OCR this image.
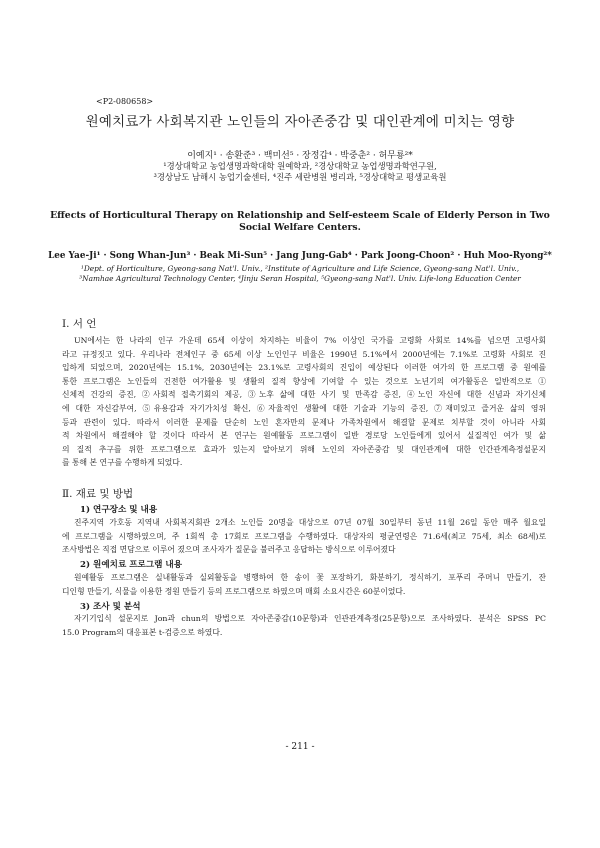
<P2-080658>
원예치료가 사회복지관 노인들의 자아존중감 및 대인관계에 미치는 영향
이예지¹ · 송환준³ · 백미선⁵ · 장정갑⁴ · 박중춘² · 허무룡²*
¹경상대학교 농업생명과학대학 원예학과, ²경상대학교 농업생명과학연구원,
³경상남도 남해시 농업기술센터, ⁴진주 세란병원 병리과, ⁵경상대학교 평생교육원
Effects of Horticultural Therapy on Relationship and Self-esteem Scale of Elderly Person in Two
Social Welfare Centers.
Lee Yae-Ji¹ · Song Whan-Jun³ · Beak Mi-Sun⁵ · Jang Jung-Gab⁴ · Park Joong-Choon² · Huh Moo-Ryong²*
¹Dept. of Horticulture, Gyeong-sang Nat'l. Univ., ²Institute of Agriculture and Life Science, Gyeong-sang Nat'l. Univ.,
³Namhae Agricultural Technology Center, ⁴Jinju Seran Hospital, ⁵Gyeong-sang Nat'l. Univ. Life-long Education Center
Ⅰ. 서 언
UN에서는 한 나라의 인구 가운데 65세 이상이 차지하는 비율이 7% 이상인 국가를 고령화 사회로 14%를 넘으면 고령사회
라고 규정짓고 있다. 우리나라 전체인구 중 65세 이상 노인인구 비율은 1990년 5.1%에서 2000년에는 7.1%로 고령화 사회로 진
입하게 되었으며, 2020년에는 15.1%, 2030년에는 23.1%로 고령사회의 진입이 예상된다 이러한 여가의 한 프로그램 중 원예를
통한 프로그램은 노인들의 건전한 여가활용 및 생활의 질적 향상에 기여할 수 있는 것으로 노년기의 여가활동은 일반적으로 ①
신체적 건강의 증진, ②사회적 접촉기회의 제공, ③노후 삶에 대한 사기 및 만족감 증진, ④노인 자신에 대한 신념과 자기신체
에 대한 자신감부여, ⑤유용감과 자기가치성 확신, ⑥자율적인 생활에 대한 기술과 기능의 증진, ⑦재미있고 즐거운 삶의 영위
등과 관련이 있다. 따라서 이러한 문제를 단순히 노인 혼자만의 문제나 가족차원에서 해결할 문제로 치부할 것이 아니라 사회
적 차원에서 해결해야 할 것이다 따라서 본 연구는 원예활동 프로그램이 일반 경로당 노인들에게 있어서 실질적인 여가 및 삶
의 질적 추구를 위한 프로그램으로 효과가 있는지 알아보기 위해 노인의 자아존중감 및 대인관계에 대한 인간관계측정설문지
를 통해 본 연구를 수행하게 되었다.
Ⅱ. 재료 및 방법
1) 연구장소 및 내용
진주지역 가호동 지역내 사회복지회관 2개소 노인들 20명을 대상으로 07년 07월 30일부터 동년 11월 26일 동안 매주 월요일
에 프로그램을 시행하였으며, 주 1회씩 총 17회로 프로그램을 수행하였다. 대상자의 평균연령은 71.6세(최고 75세, 최소 68세)로
조사방법은 직접 면담으로 이루어 졌으며 조사자가 질문을 불러주고 응답하는 방식으로 이루어졌다
2) 원예치료 프로그램 내용
원예활동 프로그램은 실내활동과 실외활동을 병행하여 한 송이 꽃 포장하기, 화분하기, 정식하기, 포푸리 주머니 만들기, 잔
디인형 만들기, 식물을 이용한 정원 만들기 등의 프로그램으로 하였으며 매회 소요시간은 60분이었다.
3) 조사 및 분석
자기기입식 설문지로 Jon과 chun의 방법으로 자아존중감(10문항)과 인관관계측정(25문항)으로 조사하였다. 분석은 SPSS PC
15.0 Program의 대응표본 t-검증으로 하였다.
- 211 -
